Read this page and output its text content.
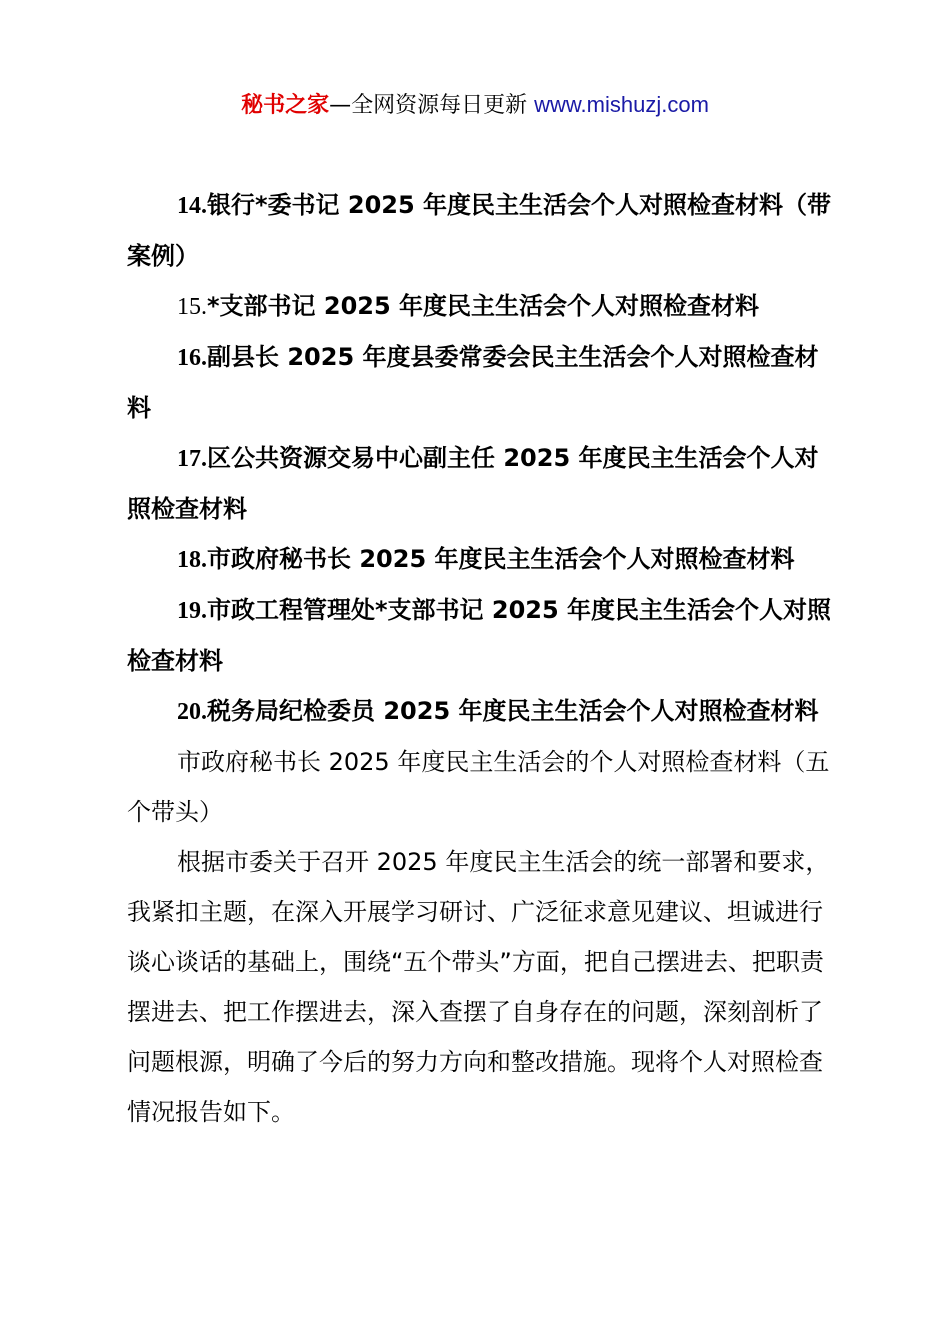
秘书之家—全网资源每日更新 www.mishuzj.com

14.银行*委书记 2025 年度民主生活会个人对照检查材料（带案例）

15.*支部书记 2025 年度民主生活会个人对照检查材料

16.副县长 2025 年度县委常委会民主生活会个人对照检查材料

17.区公共资源交易中心副主任 2025 年度民主生活会个人对照检查材料

18.市政府秘书长 2025 年度民主生活会个人对照检查材料

19.市政工程管理处*支部书记 2025 年度民主生活会个人对照检查材料

20.税务局纪检委员 2025 年度民主生活会个人对照检查材料

市政府秘书长 2025 年度民主生活会的个人对照检查材料（五个带头）

根据市委关于召开 2025 年度民主生活会的统一部署和要求，我紧扣主题，在深入开展学习研讨、广泛征求意见建议、坦诚进行谈心谈话的基础上，围绕“五个带头”方面，把自己摆进去、把职责摆进去、把工作摆进去，深入查摆了自身存在的问题，深刻剖析了问题根源，明确了今后的努力方向和整改措施。现将个人对照检查情况报告如下。
